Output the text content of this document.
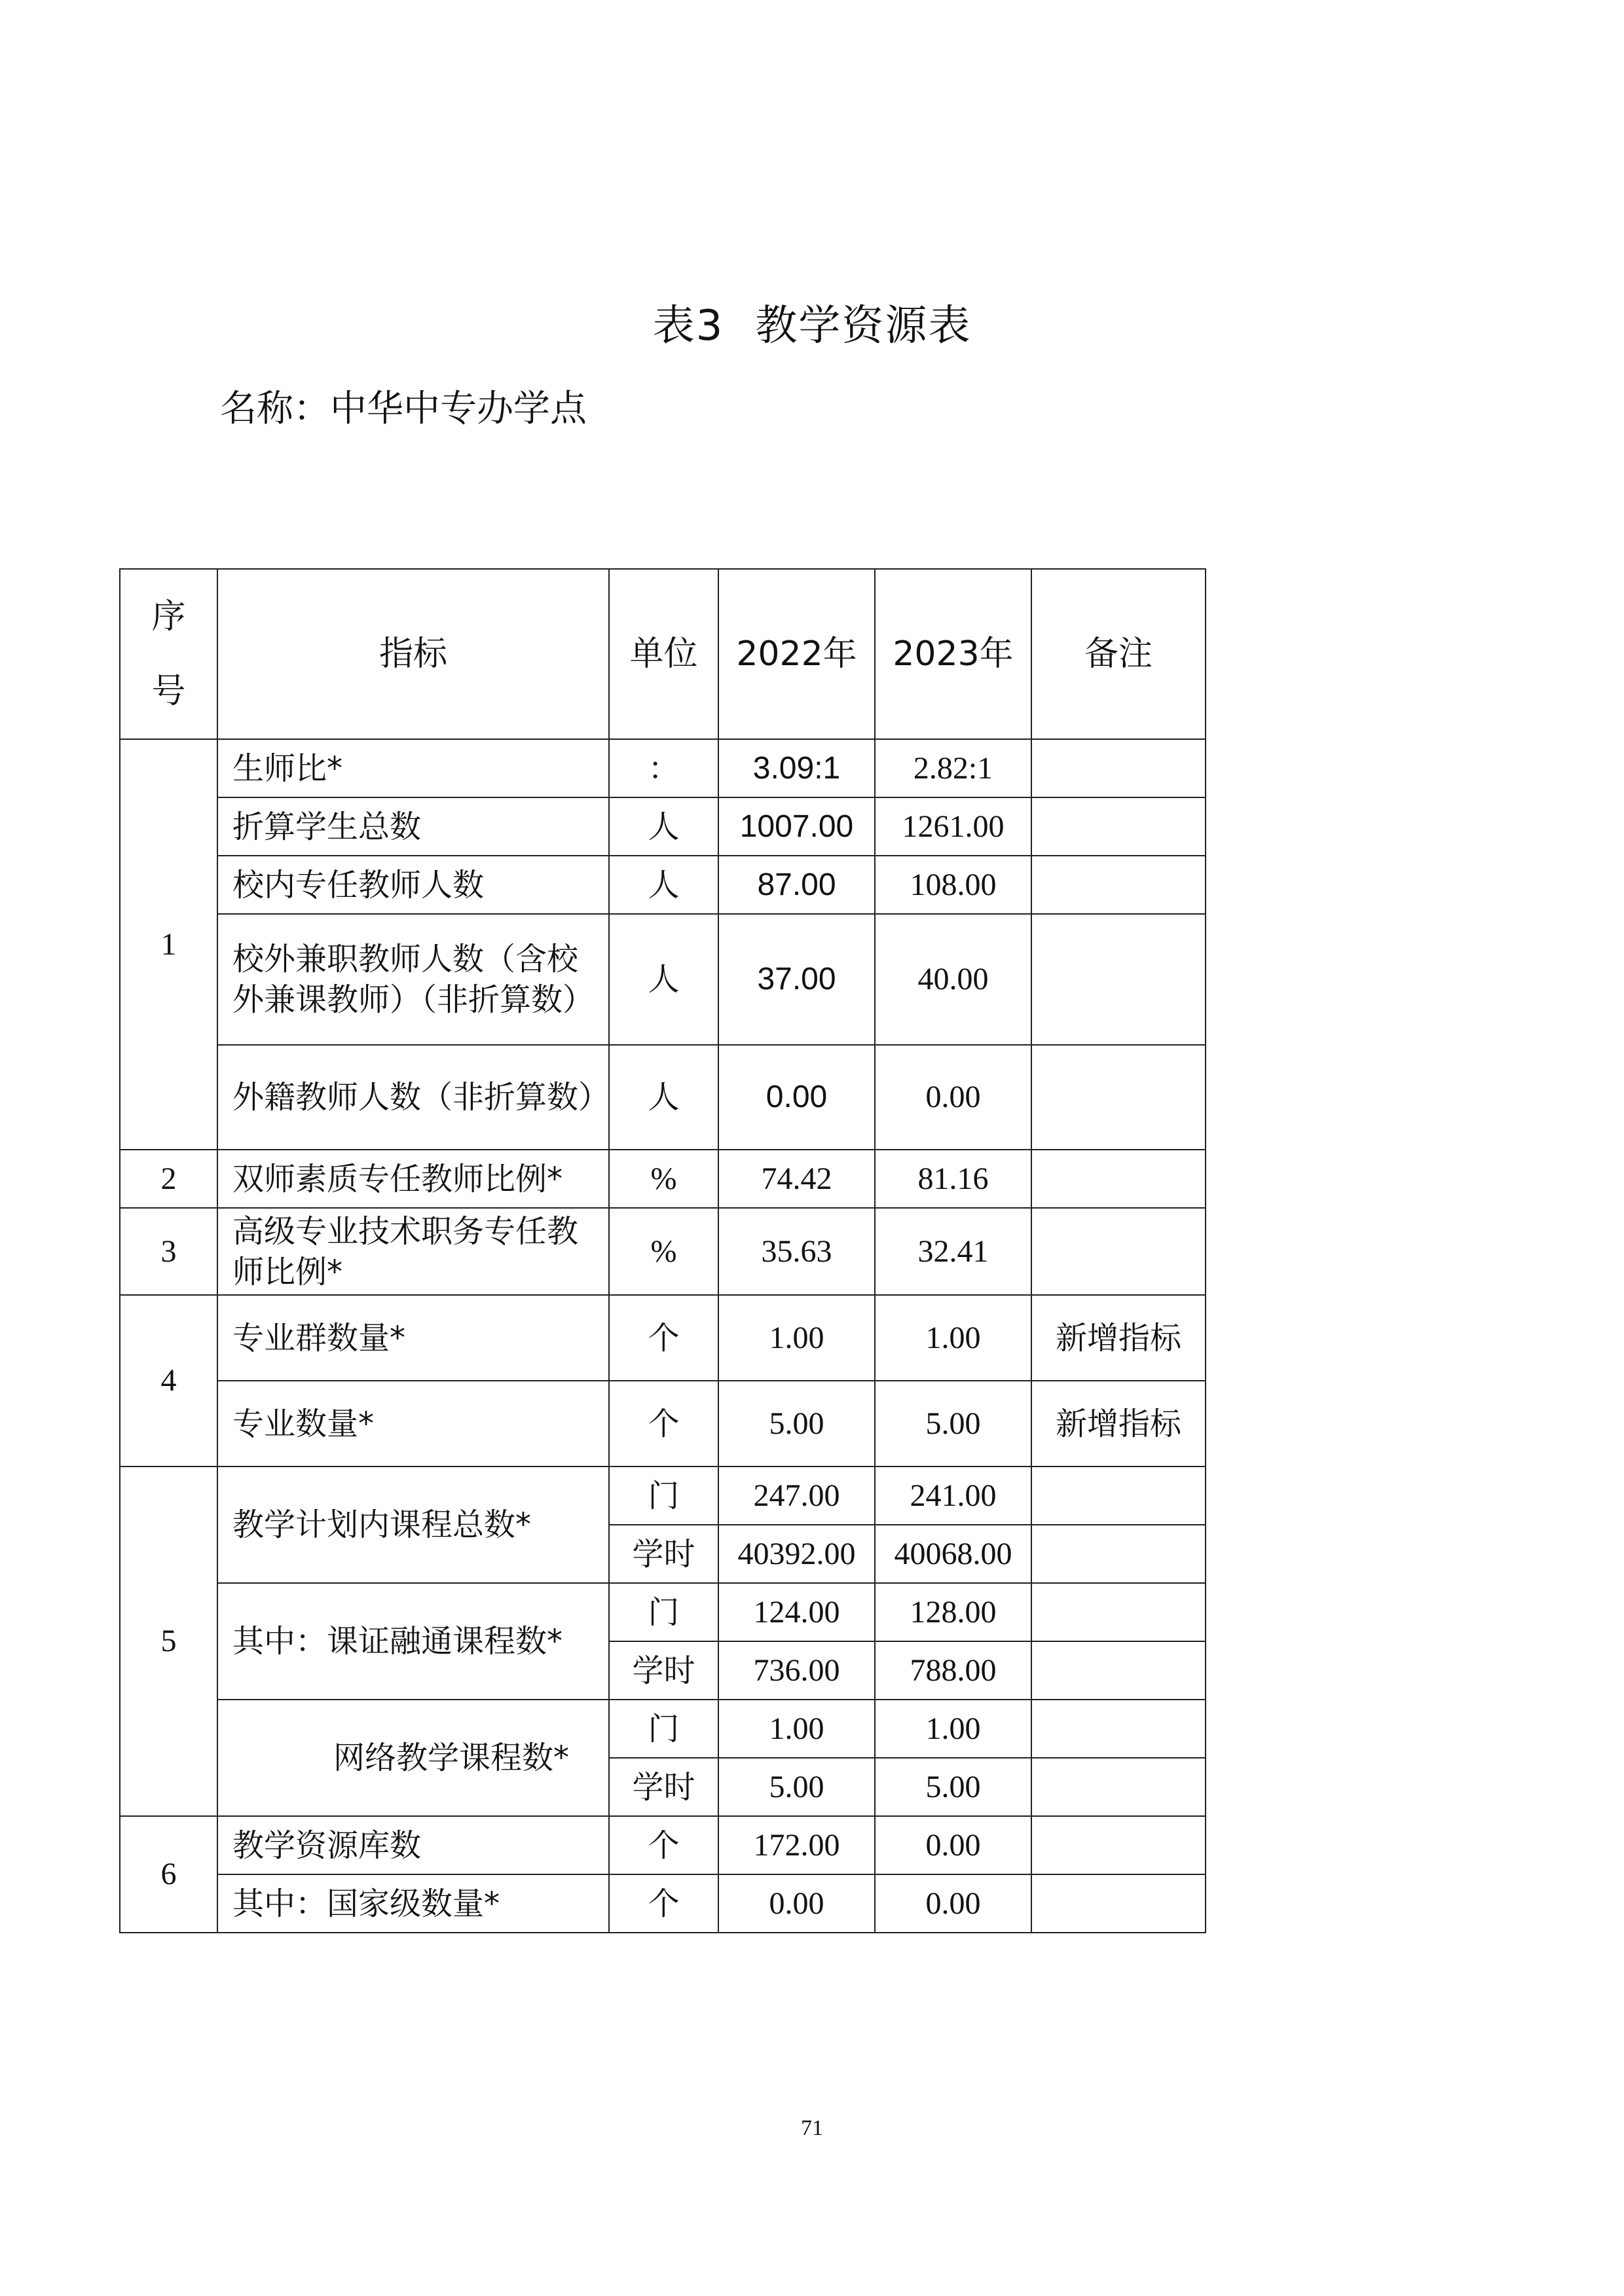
表3 教学资源表
名称：中华中专办学点
序
号	指标	单位	2022年	2023年	备注
1	生师比*	：	3.09:1	2.82:1	
	折算学生总数	人	1007.00	1261.00	
	校内专任教师人数	人	87.00	108.00	
	校外兼职教师人数（含校外兼课教师）（非折算数）	人	37.00	40.00	
	外籍教师人数（非折算数）	人	0.00	0.00	
2	双师素质专任教师比例*	%	74.42	81.16	
3	高级专业技术职务专任教师比例*	%	35.63	32.41	
4	专业群数量*	个	1.00	1.00	新增指标
	专业数量*	个	5.00	5.00	新增指标
5	教学计划内课程总数*	门	247.00	241.00	
		学时	40392.00	40068.00	
	其中：课证融通课程数*	门	124.00	128.00	
		学时	736.00	788.00	
	网络教学课程数*	门	1.00	1.00	
		学时	5.00	5.00	
6	教学资源库数	个	172.00	0.00	
	其中：国家级数量*	个	0.00	0.00	
71
